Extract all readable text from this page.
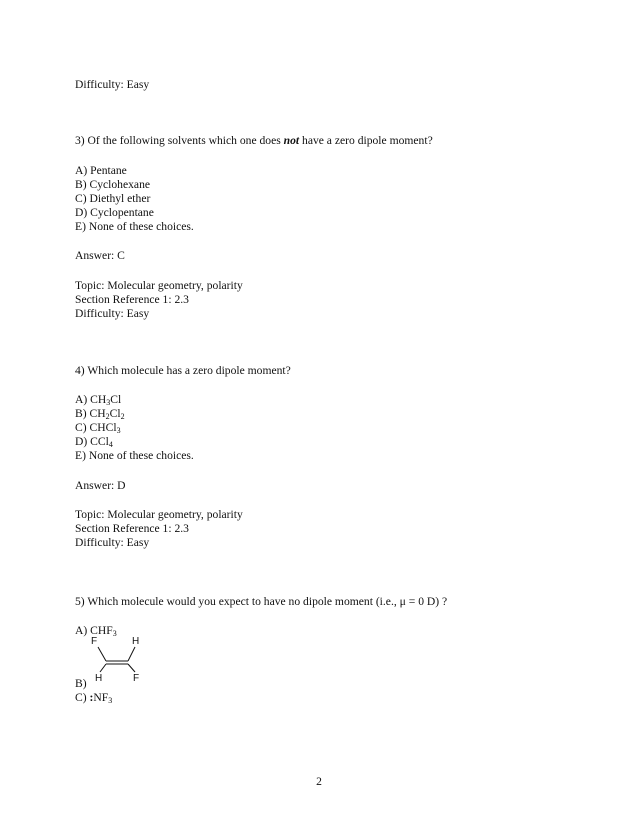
Difficulty: Easy
3) Of the following solvents which one does not have a zero dipole moment?
A) Pentane
B) Cyclohexane
C) Diethyl ether
D) Cyclopentane
E) None of these choices.
Answer: C
Topic: Molecular geometry, polarity
Section Reference 1: 2.3
Difficulty: Easy
4) Which molecule has a zero dipole moment?
A) $CH_3Cl$
B) $CH_2Cl_2$
C) CHCl$_3$
D) CCl$_4$
E) None of these choices.
Answer: D
Topic: Molecular geometry, polarity
Section Reference 1: 2.3
Difficulty: Easy
5) Which molecule would you expect to have no dipole moment (i.e., μ = 0 D) ?
A) $CHF_3$
F	H
H	F
B)
C) $:NF_3$
2
